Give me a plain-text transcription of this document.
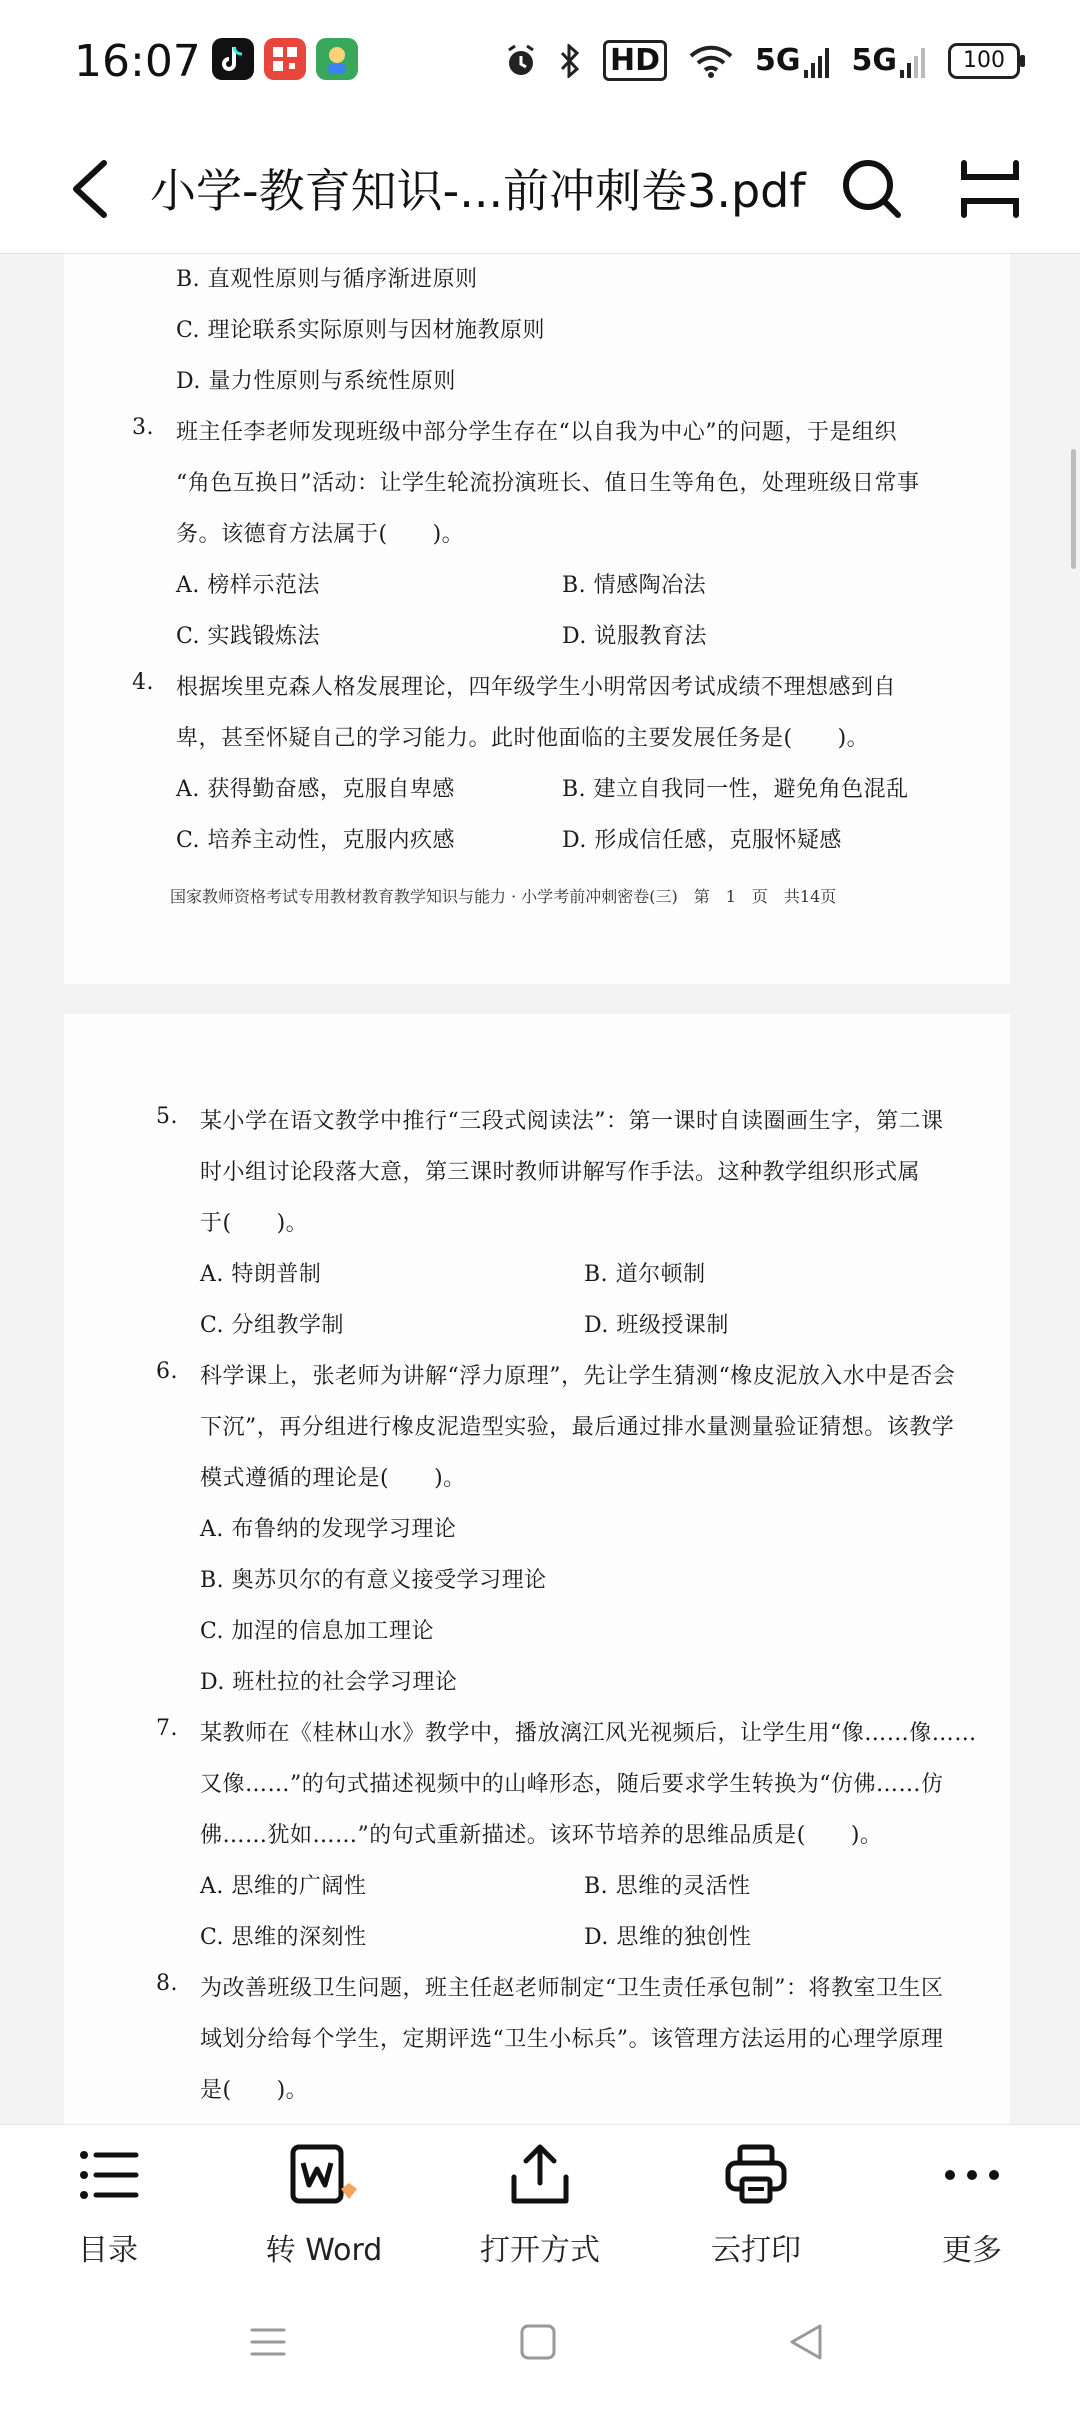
16:07	HD	5G 5G	100
小学-教育知识-...前冲刺卷3.pdf
B. 直观性原则与循序渐进原则
C. 理论联系实际原则与因材施教原则
D. 量力性原则与系统性原则
3. 班主任李老师发现班级中部分学生存在“以自我为中心”的问题，于是组织
“角色互换日”活动：让学生轮流扮演班长、值日生等角色，处理班级日常事
务。该德育方法属于(　　)。
A. 榜样示范法	B. 情感陶冶法
C. 实践锻炼法	D. 说服教育法
4. 根据埃里克森人格发展理论，四年级学生小明常因考试成绩不理想感到自
卑，甚至怀疑自己的学习能力。此时他面临的主要发展任务是(　　)。
A. 获得勤奋感，克服自卑感	B. 建立自我同一性，避免角色混乱
C. 培养主动性，克服内疚感	D. 形成信任感，克服怀疑感
国家教师资格考试专用教材教育教学知识与能力 · 小学考前冲刺密卷(三)　第　1　页　共14页
5. 某小学在语文教学中推行“三段式阅读法”：第一课时自读圈画生字，第二课
时小组讨论段落大意，第三课时教师讲解写作手法。这种教学组织形式属
于(　　)。
A. 特朗普制	B. 道尔顿制
C. 分组教学制	D. 班级授课制
6. 科学课上，张老师为讲解“浮力原理”，先让学生猜测“橡皮泥放入水中是否会
下沉”，再分组进行橡皮泥造型实验，最后通过排水量测量验证猜想。该教学
模式遵循的理论是(　　)。
A. 布鲁纳的发现学习理论
B. 奥苏贝尔的有意义接受学习理论
C. 加涅的信息加工理论
D. 班杜拉的社会学习理论
7. 某教师在《桂林山水》教学中，播放漓江风光视频后，让学生用“像……像……
又像……”的句式描述视频中的山峰形态，随后要求学生转换为“仿佛……仿
佛……犹如……”的句式重新描述。该环节培养的思维品质是(　　)。
A. 思维的广阔性	B. 思维的灵活性
C. 思维的深刻性	D. 思维的独创性
8. 为改善班级卫生问题，班主任赵老师制定“卫生责任承包制”：将教室卫生区
域划分给每个学生，定期评选“卫生小标兵”。该管理方法运用的心理学原理
是(　　)。
目录	转 Word	打开方式	云打印	更多
